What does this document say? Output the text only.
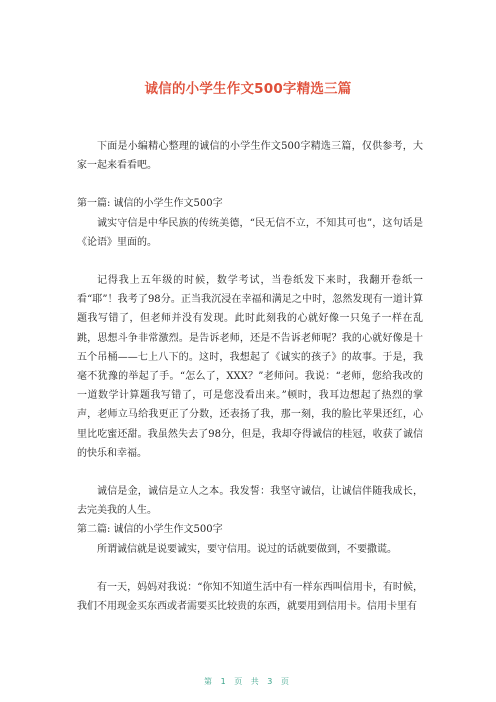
诚信的小学生作文500字精选三篇

下面是小编精心整理的诚信的小学生作文500字精选三篇，仅供参考，大家一起来看看吧。

第一篇: 诚信的小学生作文500字

诚实守信是中华民族的传统美德，“民无信不立，不知其可也”，这句话是《论语》里面的。

记得我上五年级的时候，数学考试，当卷纸发下来时，我翻开卷纸一看“耶”！我考了98分。正当我沉浸在幸福和满足之中时，忽然发现有一道计算题我写错了，但老师并没有发现。此时此刻我的心就好像一只兔子一样在乱跳，思想斗争非常激烈。是告诉老师，还是不告诉老师呢？我的心就好像是十五个吊桶——七上八下的。这时，我想起了《诚实的孩子》的故事。于是，我毫不犹豫的举起了手。“怎么了，XXX？”老师问。我说：“老师，您给我改的一道数学计算题我写错了，可是您没看出来。”顿时，我耳边想起了热烈的掌声，老师立马给我更正了分数，还表扬了我，那一刻，我的脸比苹果还红，心里比吃蜜还甜。我虽然失去了98分，但是，我却夺得诚信的桂冠，收获了诚信的快乐和幸福。

诚信是金，诚信是立人之本。我发誓：我坚守诚信，让诚信伴随我成长，去完美我的人生。

第二篇: 诚信的小学生作文500字

所谓诚信就是说要诚实，要守信用。说过的话就要做到，不要撒谎。

有一天，妈妈对我说：“你知不知道生活中有一样东西叫信用卡，有时候，我们不用现金买东西或者需要买比较贵的东西，就要用到信用卡。信用卡里有

第 1 页 共 3 页
